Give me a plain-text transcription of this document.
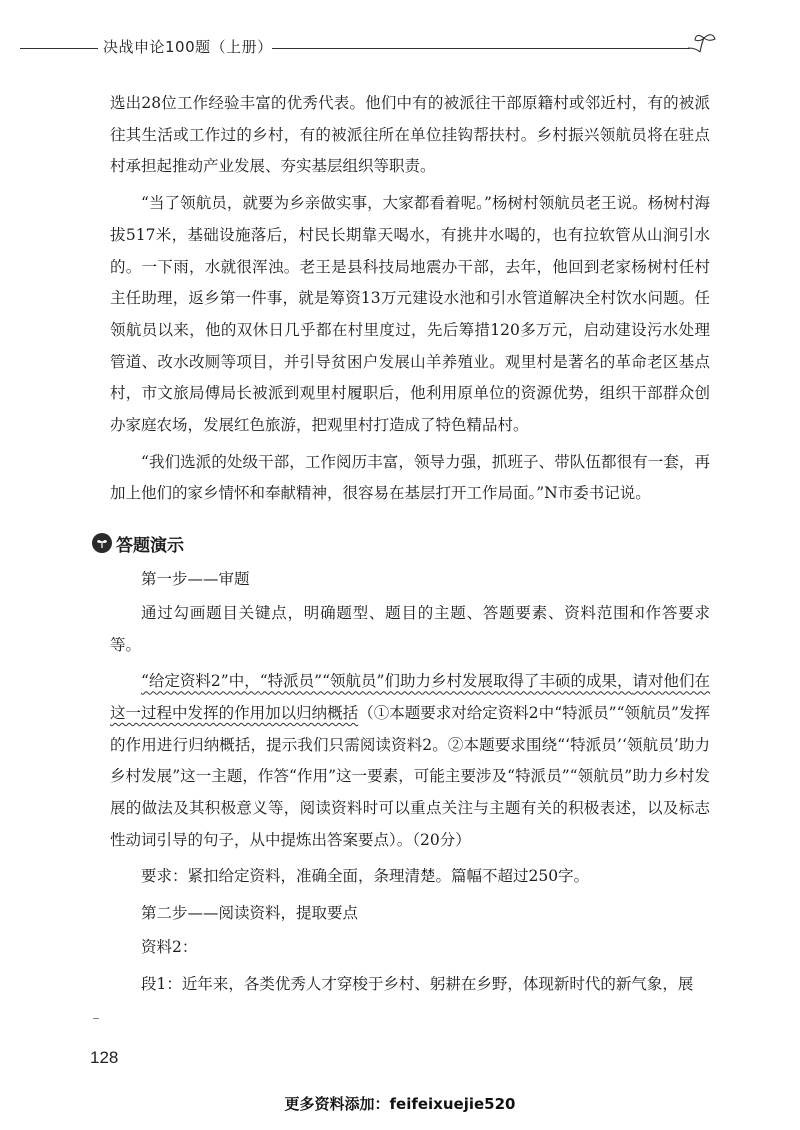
决战申论100题（上册）

选出28位工作经验丰富的优秀代表。他们中有的被派往干部原籍村或邻近村，有的被派往其生活或工作过的乡村，有的被派往所在单位挂钩帮扶村。乡村振兴领航员将在驻点村承担起推动产业发展、夯实基层组织等职责。

“当了领航员，就要为乡亲做实事，大家都看着呢。”杨树村领航员老王说。杨树村海拔517米，基础设施落后，村民长期靠天喝水，有挑井水喝的，也有拉软管从山涧引水的。一下雨，水就很浑浊。老王是县科技局地震办干部，去年，他回到老家杨树村任村主任助理，返乡第一件事，就是筹资13万元建设水池和引水管道解决全村饮水问题。任领航员以来，他的双休日几乎都在村里度过，先后筹措120多万元，启动建设污水处理管道、改水改厕等项目，并引导贫困户发展山羊养殖业。观里村是著名的革命老区基点村，市文旅局傅局长被派到观里村履职后，他利用原单位的资源优势，组织干部群众创办家庭农场，发展红色旅游，把观里村打造成了特色精品村。

“我们选派的处级干部，工作阅历丰富，领导力强，抓班子、带队伍都很有一套，再加上他们的家乡情怀和奉献精神，很容易在基层打开工作局面。”N市委书记说。

答题演示
第一步——审题

通过勾画题目关键点，明确题型、题目的主题、答题要素、资料范围和作答要求等。

“给定资料2”中，“特派员”“领航员”们助力乡村发展取得了丰硕的成果，请对他们在这一过程中发挥的作用加以归纳概括（①本题要求对给定资料2中“特派员”“领航员”发挥的作用进行归纳概括，提示我们只需阅读资料2。②本题要求围绕“‘特派员’‘领航员’助力乡村发展”这一主题，作答“作用”这一要素，可能主要涉及“特派员”“领航员”助力乡村发展的做法及其积极意义等，阅读资料时可以重点关注与主题有关的积极表述，以及标志性动词引导的句子，从中提炼出答案要点）。（20分）

要求：紧扣给定资料，准确全面，条理清楚。篇幅不超过250字。

第二步——阅读资料，提取要点

资料2：

段1：近年来，各类优秀人才穿梭于乡村、躬耕在乡野，体现新时代的新气象，展

128
更多资料添加：feifeixuejie520
